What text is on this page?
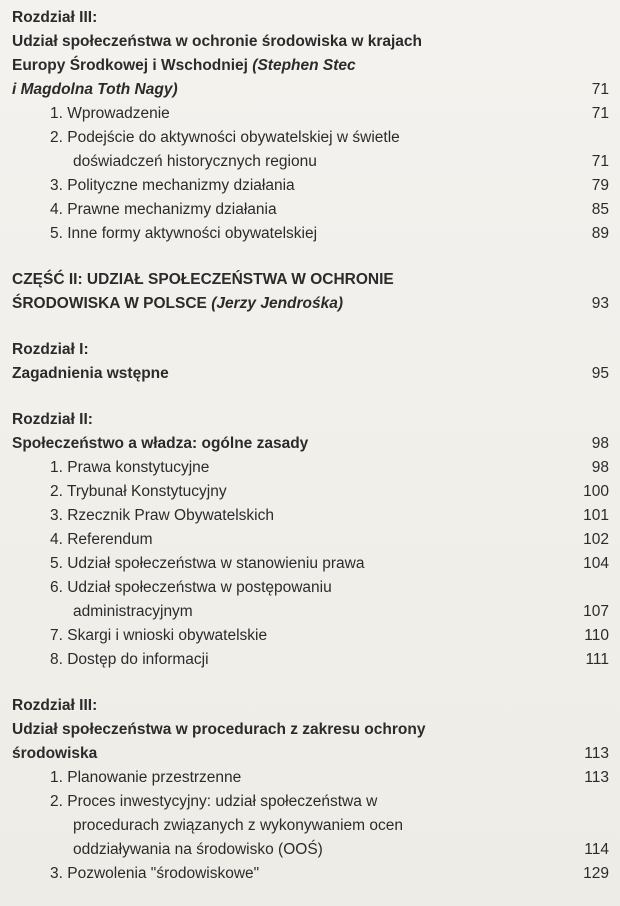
Rozdział III:
Udział społeczeństwa w ochronie środowiska w krajach
Europy Środkowej i Wschodniej (Stephen Stec
i Magdolna Toth Nagy)	71
1. Wprowadzenie	71
2. Podejście do aktywności obywatelskiej w świetle
doświadczeń historycznych regionu	71
3. Polityczne mechanizmy działania	79
4. Prawne mechanizmy działania	85
5. Inne formy aktywności obywatelskiej	89
CZĘŚĆ II: UDZIAŁ SPOŁECZEŃSTWA W OCHRONIE
ŚRODOWISKA W POLSCE (Jerzy Jendrośka)	93
Rozdział I:
Zagadnienia wstępne	95
Rozdział II:
Społeczeństwo a władza: ogólne zasady	98
1. Prawa konstytucyjne	98
2. Trybunał Konstytucyjny	100
3. Rzecznik Praw Obywatelskich	101
4. Referendum	102
5. Udział społeczeństwa w stanowieniu prawa	104
6. Udział społeczeństwa w postępowaniu
administracyjnym	107
7. Skargi i wnioski obywatelskie	110
8. Dostęp do informacji	111
Rozdział III:
Udział społeczeństwa w procedurach z zakresu ochrony
środowiska	113
1. Planowanie przestrzenne	113
2. Proces inwestycyjny: udział społeczeństwa w
procedurach związanych z wykonywaniem ocen
oddziaływania na środowisko (OOŚ)	114
3. Pozwolenia "środowiskowe"	129
